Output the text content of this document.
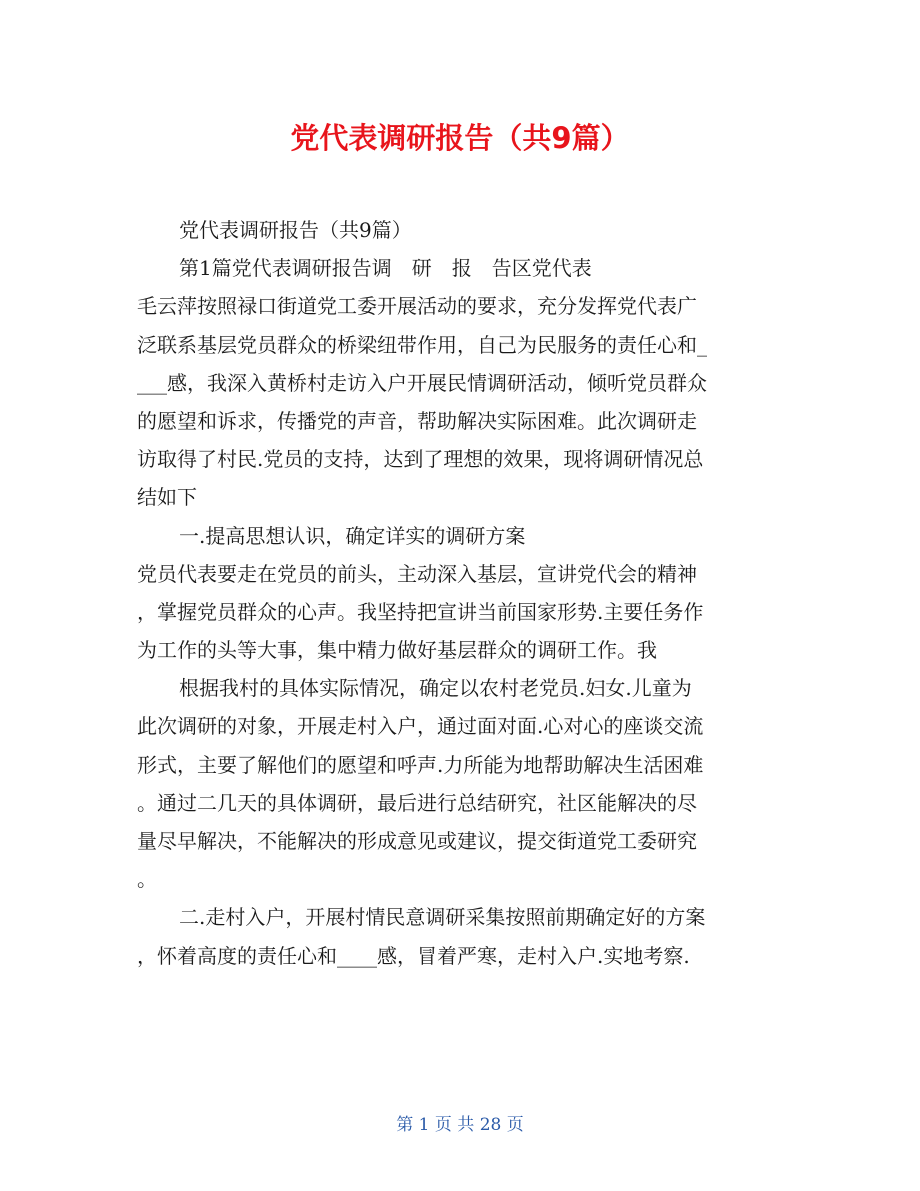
党代表调研报告（共9篇）
党代表调研报告（共9篇）
第1篇党代表调研报告调　研　报　告区党代表
毛云萍按照禄口街道党工委开展活动的要求，充分发挥党代表广
泛联系基层党员群众的桥梁纽带作用，自己为民服务的责任心和_
___感，我深入黄桥村走访入户开展民情调研活动，倾听党员群众
的愿望和诉求，传播党的声音，帮助解决实际困难。此次调研走
访取得了村民.党员的支持，达到了理想的效果，现将调研情况总
结如下
一.提高思想认识，确定详实的调研方案
党员代表要走在党员的前头，主动深入基层，宣讲党代会的精神
，掌握党员群众的心声。我坚持把宣讲当前国家形势.主要任务作
为工作的头等大事，集中精力做好基层群众的调研工作。我
根据我村的具体实际情况，确定以农村老党员.妇女.儿童为
此次调研的对象，开展走村入户，通过面对面.心对心的座谈交流
形式，主要了解他们的愿望和呼声.力所能为地帮助解决生活困难
。通过二几天的具体调研，最后进行总结研究，社区能解决的尽
量尽早解决，不能解决的形成意见或建议，提交街道党工委研究
。
二.走村入户，开展村情民意调研采集按照前期确定好的方案
，怀着高度的责任心和____感，冒着严寒，走村入户.实地考察.
第 1 页 共 28 页
